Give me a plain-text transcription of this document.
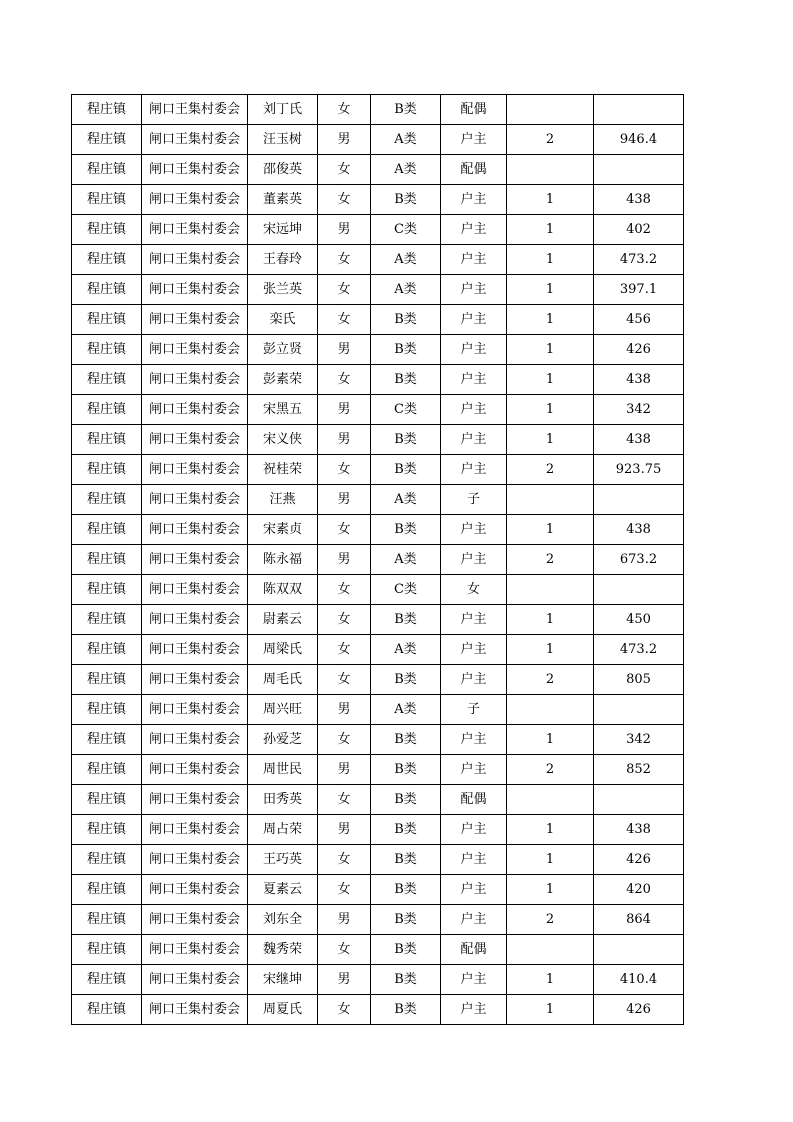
程庄镇	闸口王集村委会	刘丁氏	女	B类	配偶		
程庄镇	闸口王集村委会	汪玉树	男	A类	户主	2	946.4
程庄镇	闸口王集村委会	邵俊英	女	A类	配偶		
程庄镇	闸口王集村委会	董素英	女	B类	户主	1	438
程庄镇	闸口王集村委会	宋远坤	男	C类	户主	1	402
程庄镇	闸口王集村委会	王春玲	女	A类	户主	1	473.2
程庄镇	闸口王集村委会	张兰英	女	A类	户主	1	397.1
程庄镇	闸口王集村委会	栾氏	女	B类	户主	1	456
程庄镇	闸口王集村委会	彭立贤	男	B类	户主	1	426
程庄镇	闸口王集村委会	彭素荣	女	B类	户主	1	438
程庄镇	闸口王集村委会	宋黑五	男	C类	户主	1	342
程庄镇	闸口王集村委会	宋义侠	男	B类	户主	1	438
程庄镇	闸口王集村委会	祝桂荣	女	B类	户主	2	923.75
程庄镇	闸口王集村委会	汪燕	男	A类	子		
程庄镇	闸口王集村委会	宋素贞	女	B类	户主	1	438
程庄镇	闸口王集村委会	陈永福	男	A类	户主	2	673.2
程庄镇	闸口王集村委会	陈双双	女	C类	女		
程庄镇	闸口王集村委会	尉素云	女	B类	户主	1	450
程庄镇	闸口王集村委会	周梁氏	女	A类	户主	1	473.2
程庄镇	闸口王集村委会	周毛氏	女	B类	户主	2	805
程庄镇	闸口王集村委会	周兴旺	男	A类	子		
程庄镇	闸口王集村委会	孙爱芝	女	B类	户主	1	342
程庄镇	闸口王集村委会	周世民	男	B类	户主	2	852
程庄镇	闸口王集村委会	田秀英	女	B类	配偶		
程庄镇	闸口王集村委会	周占荣	男	B类	户主	1	438
程庄镇	闸口王集村委会	王巧英	女	B类	户主	1	426
程庄镇	闸口王集村委会	夏素云	女	B类	户主	1	420
程庄镇	闸口王集村委会	刘东全	男	B类	户主	2	864
程庄镇	闸口王集村委会	魏秀荣	女	B类	配偶		
程庄镇	闸口王集村委会	宋继坤	男	B类	户主	1	410.4
程庄镇	闸口王集村委会	周夏氏	女	B类	户主	1	426
